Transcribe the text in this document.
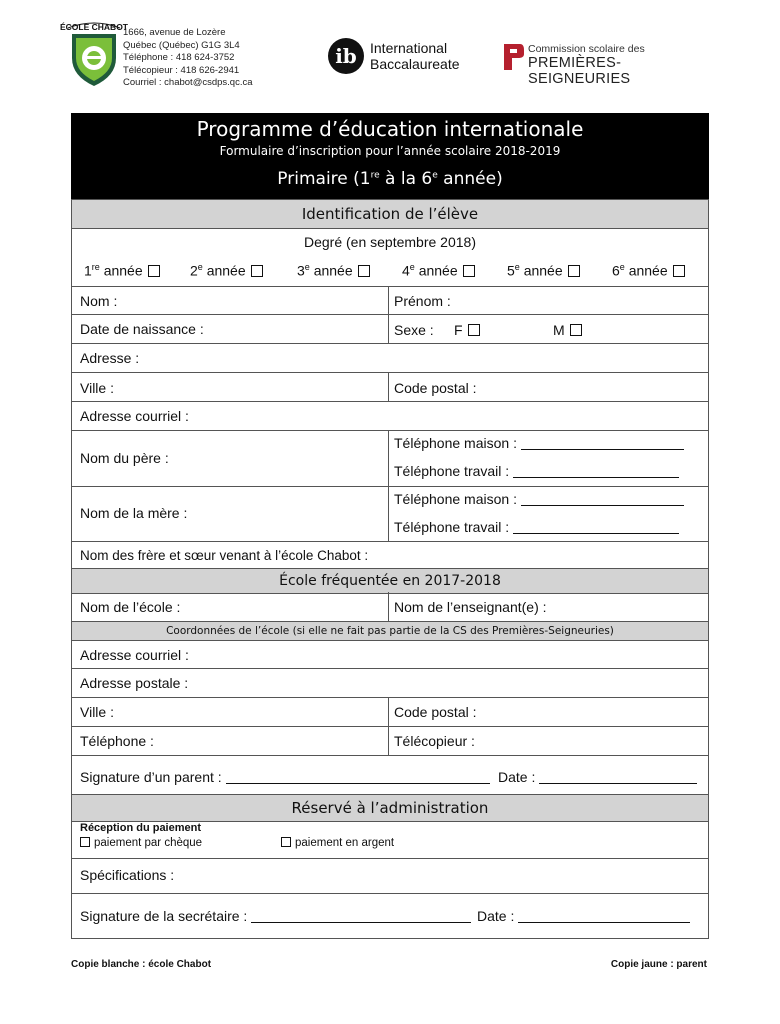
ÉCOLE CHABOT
1666, avenue de Lozère
Québec (Québec) G1G 3L4
Téléphone : 418 624-3752
Télécopieur : 418 626-2941
Courriel : chabot@csdps.qc.ca
ib International
Baccalaureate
Commission scolaire des
PREMIÈRES-SEIGNEURIES
Programme d’éducation internationale
Formulaire d’inscription pour l’année scolaire 2018-2019
Primaire (1re à la 6e année)
Identification de l’élève
Degré (en septembre 2018)
1re année	2e année	3e année	4e année	5e année	6e année
Nom :	Prénom :
Date de naissance :	Sexe : F	M
Adresse :
Ville :	Code postal :
Adresse courriel :
Nom du père :
Téléphone maison :
Téléphone travail :
Nom de la mère :
Téléphone maison :
Téléphone travail :
Nom des frère et sœur venant à l’école Chabot :
École fréquentée en 2017-2018
Nom de l’école :	Nom de l’enseignant(e) :
Coordonnées de l’école (si elle ne fait pas partie de la CS des Premières-Seigneuries)
Adresse courriel :
Adresse postale :
Ville :	Code postal :
Téléphone :	Télécopieur :
Signature d’un parent :	Date :
Réservé à l’administration
Réception du paiement
paiement par chèque	paiement en argent
Spécifications :
Signature de la secrétaire :	Date :
Copie blanche : école Chabot	Copie jaune : parent
